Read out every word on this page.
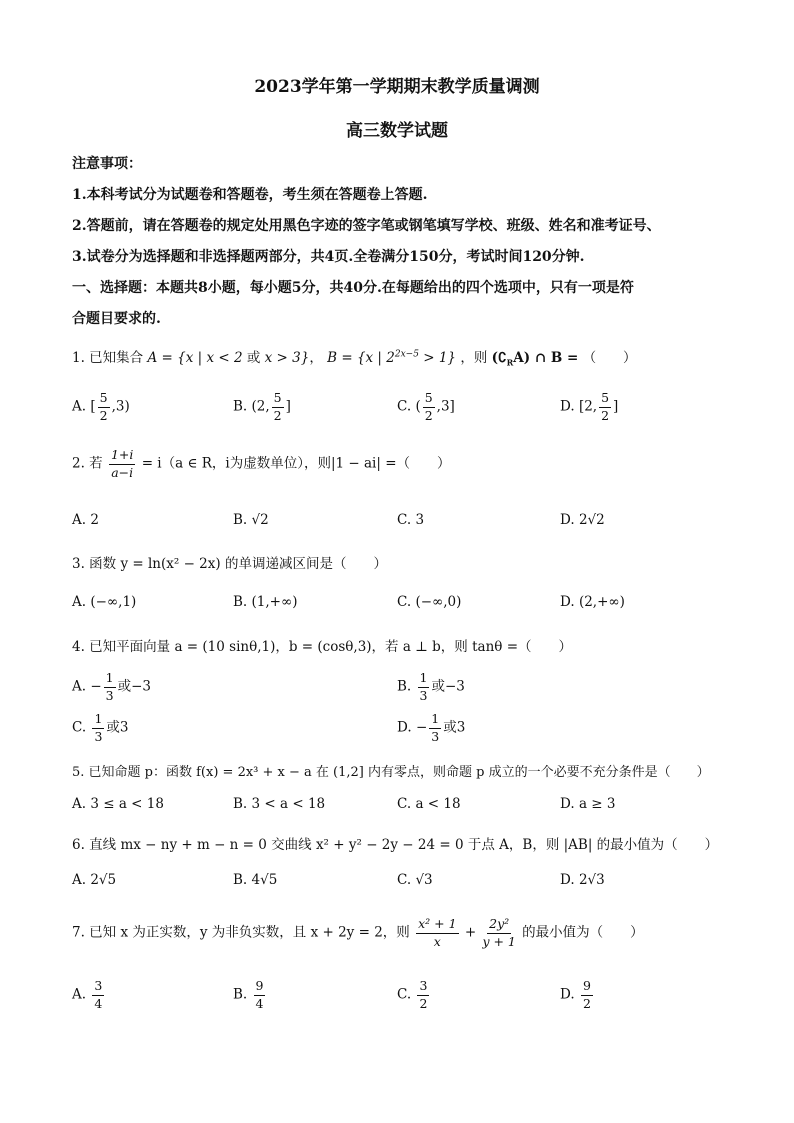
2023学年第一学期期末教学质量调测
高三数学试题
注意事项：
1.本科考试分为试题卷和答题卷，考生须在答题卷上答题.
2.答题前，请在答题卷的规定处用黑色字迹的签字笔或钢笔填写学校、班级、姓名和准考证号、
3.试卷分为选择题和非选择题两部分，共4页.全卷满分150分，考试时间120分钟.
一、选择题：本题共8小题，每小题5分，共40分.在每题给出的四个选项中，只有一项是符
合题目要求的.
1. 已知集合 A = {x | x < 2 或 x > 3}， B = {x | $2^{2x-5} > 1$} ，则 $(∁_RA)$ ∩ B = （　　）
A. [ $\frac{5}{2} ,3$)	B. (2, $\frac{5}{2}$ ]	C. ( $\frac{5}{2} ,3$]	D. [2, $\frac{5}{2}$ ]
2. 若 $\frac{1+i}{a-i} = i(a$ ∈ R，i为虚数单位），则|1 − ai| =（　　）
A. 2	B. √2	C. 3	D. 2√2
3. 函数 y = ln(x² − 2x) 的单调递减区间是（　　）
A. (−∞,1)	B. (1,+∞)	C. (−∞,0)	D. (2,+∞)
4. 已知平面向量 a = (10 sinθ,1)，b = (cosθ,3)，若 a ⊥ b，则 tanθ =（　　）
A. − $\frac{1}{3}$ 或−3	B. $\frac{1}{3}$ 或−3
C. $\frac{1}{3}$ 或3	D. − $\frac{1}{3}$ 或3
5. 已知命题 p：函数 f(x) = 2x³ + x − a 在 (1,2] 内有零点，则命题 p 成立的一个必要不充分条件是（　　）
A. 3 ≤ a < 18	B. 3 < a < 18	C. a < 18	D. a ≥ 3
6. 直线 mx − ny + m − n = 0 交曲线 x² + y² − 2y − 24 = 0 于点 A，B，则 |AB| 的最小值为（　　）
A. 2√5	B. 4√5	C. √3	D. 2√3
7. 已知 x 为正实数，y 为非负实数，且 x + 2y = 2，则 $\frac{\text{x² + 1}}{x} + \frac{\text{2y²}}{y + 1}$ 的最小值为（　　）
A. $\frac{3}{4}$	B. $\frac{9}{4}$	C. $\frac{3}{2}$	D. $\frac{9}{2}$
